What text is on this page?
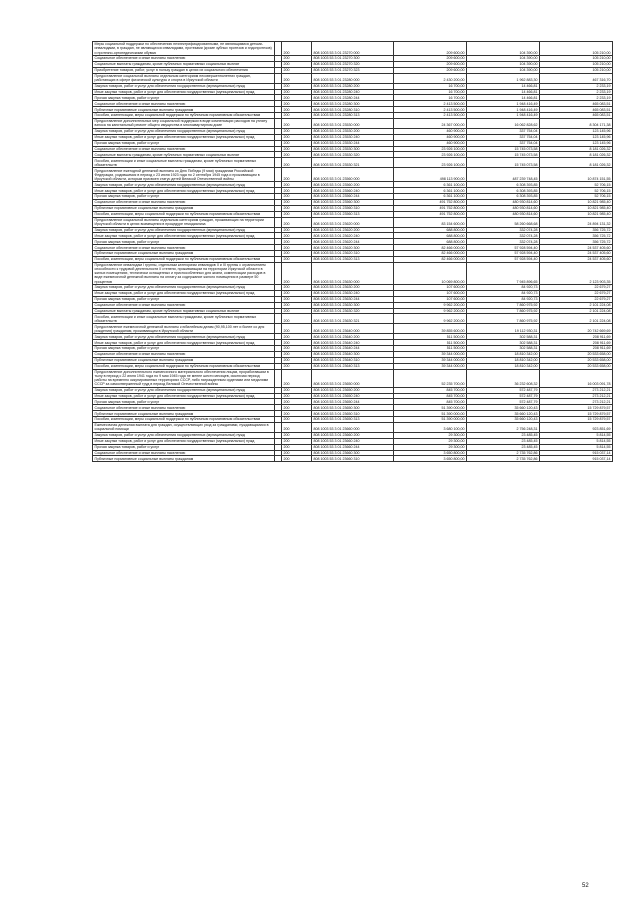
Меры социальной поддержки по обеспечению неэлектрифицированными, не являющимися детьми-инвалидами, в граждан, не являющихся инвалидами, протезами (кроме зубных протезов и эндопротезов) и протезно-ортопедическими обувью		200	808 1003 53 3 01 23270 000	209 600,00	104 390,00	105 210,00
Социальное обеспечение и иные выплаты населению		200	808 1003 53 3 01 23270 300	209 600,00	104 390,00	105 210,00
Социальные выплаты гражданам, кроме публичных нормативных социальных выплат		200	808 1003 53 3 01 23270 320	209 600,00	104 390,00	105 210,00
Приобретение товаров, работ, услуг в пользу граждан в целях их социального обеспечения		200	808 1003 53 3 01 23270 323	209 600,00	104 390,00	105 210,00
Предоставление социальной выплаты отдельным категориям несовершеннолетних граждан, работающих в сфере физической культуры и спорта в Иркутской области		200	808 1003 53 3 01 23280 000	2 430 200,00	1 962 883,30	467 316,70
Закупка товаров, работ и услуг для обеспечения государственных (муниципальных) нужд		200	808 1003 53 3 01 23280 200	16 700,00	14 466,81	2 233,19
Иные закупки товаров, работ и услуг для обеспечения государственных (муниципальных) нужд		200	808 1003 53 3 01 23280 240	16 700,00	14 466,81	2 233,19
Прочая закупка товаров, работ и услуг		200	808 1003 53 3 01 23280 244	16 700,00	14 466,81	2 233,19
Социальное обеспечение и иные выплаты населению		200	808 1003 53 3 01 23280 300	2 413 500,00	1 948 416,49	465 083,51
Публичные нормативные социальные выплаты гражданам		200	808 1003 53 3 01 23280 310	2 413 500,00	1 948 416,49	465 083,51
Пособия, компенсации, меры социальной поддержки по публичным нормативным обязательствам		200	808 1003 53 3 01 23280 313	2 413 500,00	1 948 416,49	465 083,51
Предоставление дополнительных мер социальной поддержки в виде компенсации расходов на уплату взноса на капитальный ремонт общего имущества в многоквартирном доме		200	808 1003 53 3 01 23530 000	24 367 000,00	16 062 828,62	8 304 171,38
Закупка товаров, работ и услуг для обеспечения государственных (муниципальных) нужд		200	808 1003 53 3 01 23530 200	460 900,00	337 754,04	123 145,96
Иные закупки товаров, работ и услуг для обеспечения государственных (муниципальных) нужд		200	808 1003 53 3 01 23530 240	460 900,00	337 754,04	123 145,96
Прочая закупка товаров, работ и услуг		200	808 1003 53 3 01 23530 244	460 900,00	337 754,04	123 145,96
Социальное обеспечение и иные выплаты населению		200	808 1003 53 3 01 23530 300	23 926 100,00	15 745 073,58	8 181 026,32
Социальные выплаты гражданам, кроме публичных нормативных социальных выплат		200	808 1003 53 3 01 23530 320	23 926 100,00	15 745 073,58	8 181 026,32
Пособия, компенсации и иные социальные выплаты гражданам, кроме публичных нормативных обязательств		200	808 1003 53 3 01 23530 321	23 926 100,00	15 745 073,58	8 181 026,32
Предоставление ежегодной денежной выплаты ко Дню Победы (9 мая) гражданам Российской Федерации, родившимся в период с 23 июня 1923 года по 2 сентября 1945 года и проживающим в Иркутской области, которым присвоен статус детей Великой Отечественной войны		200	808 1003 53 3 01 23560 000	498 113 900,00	487 239 748,45	10 874 151,55
Закупка товаров, работ и услуг для обеспечения государственных (муниципальных) нужд		200	808 1003 53 3 01 23560 200	6 361 100,00	6 308 393,85	52 706,15
Иные закупки товаров, работ и услуг для обеспечения государственных (муниципальных) нужд		200	808 1003 53 3 01 23560 240	6 361 100,00	6 308 393,85	52 706,15
Прочая закупка товаров, работ и услуг		200	808 1003 53 3 01 23560 244	6 361 100,00	6 308 393,85	52 706,15
Социальное обеспечение и иные выплаты населению		200	808 1003 53 3 01 23560 300	491 752 800,00	480 930 814,60	10 821 985,40
Публичные нормативные социальные выплаты гражданам		200	808 1003 53 3 01 23560 310	491 752 800,00	480 930 814,60	10 821 985,40
Пособия, компенсации, меры социальной поддержки по публичным нормативным обязательствам		200	808 1003 53 3 01 23560 313	491 752 800,00	480 930 814,60	10 821 985,40
Предоставление социальной выплаты отдельным категориям граждан, проживающих на территории Иркутской области в целях возмещения в процедуре гемодиализа		200	808 1003 53 3 01 23620 000	83 154 600,00	58 260 668,68	24 894 131,32
Закупка товаров, работ и услуг для обеспечения государственных (муниципальных) нужд		200	808 1003 53 3 01 23620 200	688 800,00	332 074,28	356 725,72
Иные закупки товаров, работ и услуг для обеспечения государственных (муниципальных) нужд		200	808 1003 53 3 01 23620 240	688 800,00	332 074,28	356 725,72
Прочая закупка товаров, работ и услуг		200	808 1003 53 3 01 23620 244	688 800,00	332 074,28	356 725,72
Социальное обеспечение и иные выплаты населению		200	808 1003 53 3 01 23620 300	82 466 000,00	57 928 594,40	24 537 405,60
Публичные нормативные социальные выплаты гражданам		200	808 1003 53 3 01 23620 310	82 466 000,00	57 928 594,40	24 537 405,60
Пособия, компенсации, меры социальной поддержки по публичным нормативным обязательствам		200	808 1003 53 3 01 23620 313	82 466 000,00	57 928 594,40	24 537 405,60
Предоставление инвалидам I группы, отдельным категориям инвалидов II и III группы с ограничением способности к трудовой деятельности II степени, проживающим на территории Иркутской области в жилых помещениях, технически оснащенных и приспособленных для жизни, компенсации расходов в виде ежемесячной денежной выплаты на оплату за содержание жилого помещения в размере 50 процентов		200	808 1003 53 3 01 23630 000	10 069 800,00	7 945 896,65	2 123 903,35
Закупка товаров, работ и услуг для обеспечения государственных (муниципальных) нужд		200	808 1003 53 3 01 23630 200	107 600,00	84 920,73	22 679,27
Иные закупки товаров, работ и услуг для обеспечения государственных (муниципальных) нужд		200	808 1003 53 3 01 23630 240	107 600,00	84 920,73	22 679,27
Прочая закупка товаров, работ и услуг		200	808 1003 53 3 01 23630 244	107 600,00	84 920,73	22 679,27
Социальное обеспечение и иные выплаты населению		200	808 1003 53 3 01 23630 300	9 962 200,00	7 860 975,92	2 101 224,08
Социальные выплаты гражданам, кроме публичных нормативных социальных выплат		200	808 1003 53 3 01 23630 320	9 962 200,00	7 860 975,92	2 101 224,08
Пособия, компенсации и иные социальные выплаты гражданам, кроме публичных нормативных обязательств		200	808 1003 53 3 01 23630 321	9 962 200,00	7 860 975,92	2 101 224,08
Предоставление ежемесячной денежной выплаты к юбилейным датам (90,95,100 лет и более со дня рождения) гражданам, проживающим в Иркутской области		200	808 1003 53 3 01 23640 000	39 855 600,00	19 112 930,31	20 742 669,69
Закупка товаров, работ и услуг для обеспечения государственных (муниципальных) нужд		200	808 1003 53 3 01 23640 200	511 500,00	302 588,31	208 911,69
Иные закупки товаров, работ и услуг для обеспечения государственных (муниципальных) нужд		200	808 1003 53 3 01 23640 240	511 500,00	302 588,31	208 911,69
Прочая закупка товаров, работ и услуг		200	808 1003 53 3 01 23640 244	511 500,00	302 588,31	208 911,69
Социальное обеспечение и иные выплаты населению		200	808 1003 53 3 01 23640 300	39 344 000,00	18 810 342,00	20 533 658,00
Публичные нормативные социальные выплаты гражданам		200	808 1003 53 3 01 23640 310	39 344 000,00	18 810 342,00	20 533 658,00
Пособия, компенсации, меры социальной поддержки по публичным нормативным обязательствам		200	808 1003 53 3 01 23640 313	39 344 000,00	18 810 342,00	20 533 658,00
Предоставление дополнительного ежемесячного материального обеспечения лицам, проработавшим в тылу в период с 22 июня 1941 года по 9 мая 1945 года не менее шести месяцев, исключая период работы на временно оккупированных территориях СССР, либо награжденным орденами или медалями СССР за самоотверженный труд в период Великой Отечественной войны		200	808 1003 53 3 01 23650 000	52 235 700,00	36 232 608,32	16 003 091,78
Закупка товаров, работ и услуг для обеспечения государственных (муниципальных) нужд		200	808 1003 53 3 01 23650 200	845 700,00	572 487,79	273 212,21
Иные закупки товаров, работ и услуг для обеспечения государственных (муниципальных) нужд		200	808 1003 53 3 01 23650 240	845 700,00	572 487,79	273 212,21
Прочая закупка товаров, работ и услуг		200	808 1003 53 3 01 23650 244	845 700,00	572 487,79	273 212,21
Социальное обеспечение и иные выплаты населению		200	808 1003 53 3 01 23650 300	51 390 000,00	35 660 120,43	15 729 879,57
Публичные нормативные социальные выплаты гражданам		200	808 1003 53 3 01 23650 310	51 390 000,00	35 660 120,43	15 729 879,57
Пособия, компенсации, меры социальной поддержки по публичным нормативным обязательствам		200	808 1003 53 3 01 23650 313	51 390 000,00	35 660 120,43	15 729 879,57
Ежемесячная денежная выплата для граждан, осуществляющих уход за гражданами, нуждающимися в социальной помощи		200	808 1003 53 3 01 23660 000	3 680 100,00	2 756 248,31	923 851,69
Закупка товаров, работ и услуг для обеспечения государственных (муниципальных) нужд		200	808 1003 53 3 01 23660 200	29 300,00	23 485,45	5 814,55
Иные закупки товаров, работ и услуг для обеспечения государственных (муниципальных) нужд		200	808 1003 53 3 01 23660 240	29 300,00	23 485,45	5 814,55
Прочая закупка товаров, работ и услуг		200	808 1003 53 3 01 23660 244	29 300,00	23 485,45	5 814,55
Социальное обеспечение и иные выплаты населению		200	808 1003 53 3 01 23660 300	3 650 800,00	2 735 762,86	915 037,14
Публичные нормативные социальные выплаты гражданам		200	808 1003 53 3 01 23660 310	3 650 800,00	2 735 762,86	915 037,14
52
